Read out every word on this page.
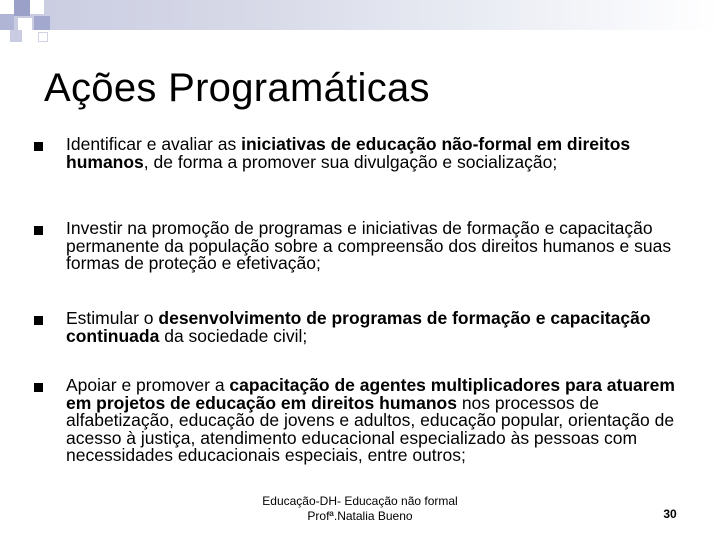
Ações Programáticas
Identificar e avaliar as iniciativas de educação não-formal em direitos humanos, de forma a promover sua divulgação e socialização;
Investir na promoção de programas e iniciativas de formação e capacitação permanente da população sobre a compreensão dos direitos humanos e suas formas de proteção e efetivação;
Estimular o desenvolvimento de programas de formação e capacitação continuada da sociedade civil;
Apoiar e promover a capacitação de agentes multiplicadores para atuarem em projetos de educação em direitos humanos nos processos de alfabetização, educação de jovens e adultos, educação popular, orientação de acesso à justiça, atendimento educacional especializado às pessoas com necessidades educacionais especiais, entre outros;
Educação-DH- Educação não formal
Profª.Natalia Bueno	30
